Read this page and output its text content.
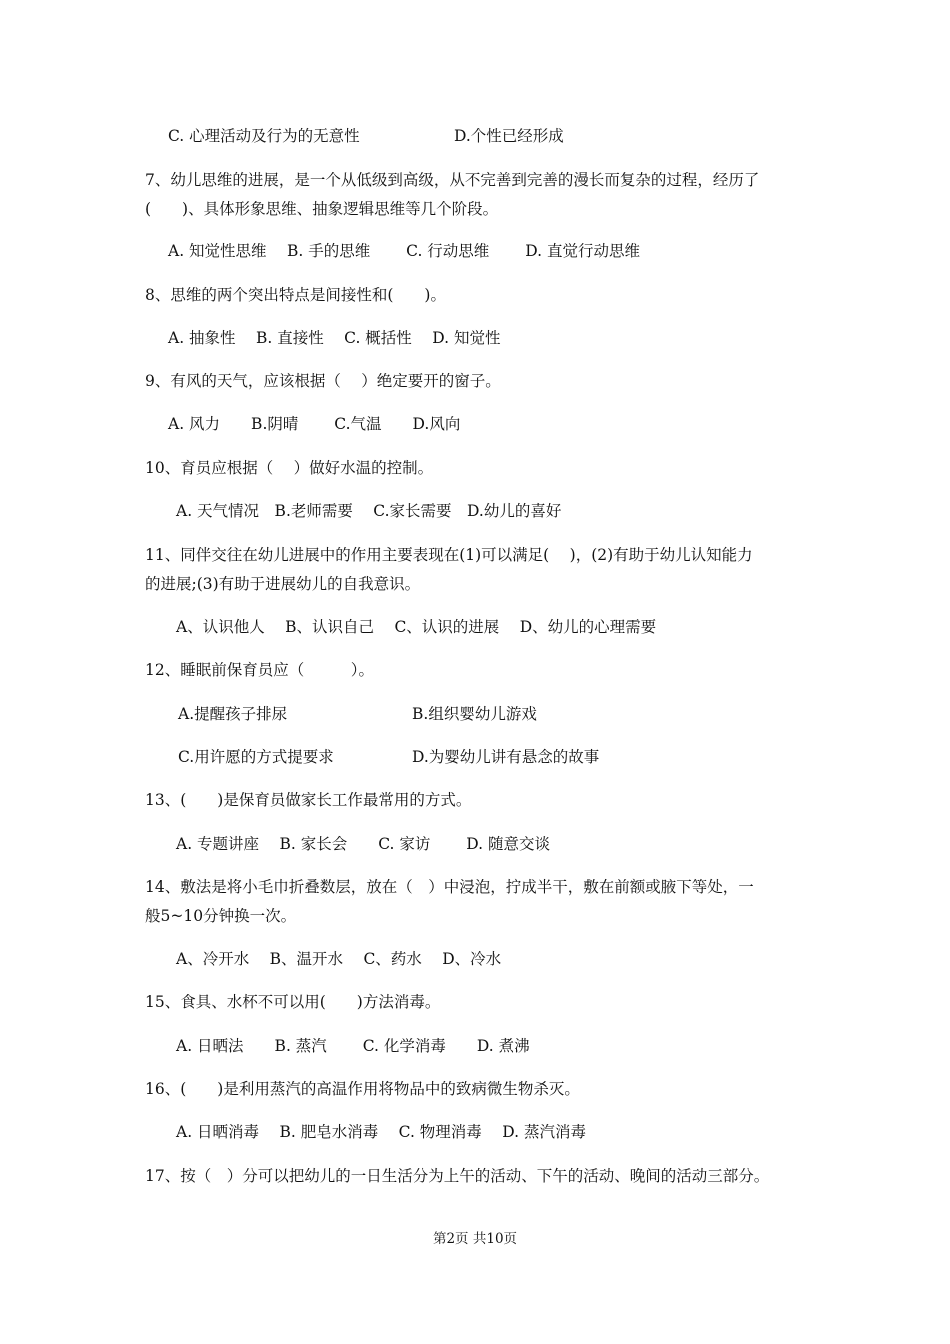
C. 心理活动及行为的无意性	D.个性已经形成
7、幼儿思维的进展，是一个从低级到高级，从不完善到完善的漫长而复杂的过程，经历了
(　　)、具体形象思维、抽象逻辑思维等几个阶段。
A. 知觉性思维　 B. 手的思维　　 C. 行动思维　　 D. 直觉行动思维
8、思维的两个突出特点是间接性和(　　)。
A. 抽象性　 B. 直接性　 C. 概括性　 D. 知觉性
9、有风的天气，应该根据（　 ）绝定要开的窗子。
A. 风力　　B.阴晴　　 C.气温　　D.风向
10、育员应根据（　 ）做好水温的控制。
A. 天气情况　B.老师需要　 C.家长需要　D.幼儿的喜好
11、同伴交往在幼儿进展中的作用主要表现在(1)可以满足(　 )，(2)有助于幼儿认知能力
的进展;(3)有助于进展幼儿的自我意识。
A、认识他人　 B、认识自己　 C、认识的进展　 D、幼儿的心理需要
12、睡眠前保育员应（　　　）。
A.提醒孩子排尿	B.组织婴幼儿游戏
C.用许愿的方式提要求	D.为婴幼儿讲有悬念的故事
13、(　　)是保育员做家长工作最常用的方式。
A. 专题讲座　 B. 家长会　　C. 家访　　 D. 随意交谈
14、敷法是将小毛巾折叠数层，放在（　）中浸泡，拧成半干，敷在前额或腋下等处，一
般5~10分钟换一次。
A、冷开水　 B、温开水　 C、药水　 D、冷水
15、食具、水杯不可以用(　　)方法消毒。
A. 日晒法　　B. 蒸汽　　 C. 化学消毒　　D. 煮沸
16、(　　)是利用蒸汽的高温作用将物品中的致病微生物杀灭。
A. 日晒消毒　 B. 肥皂水消毒　 C. 物理消毒　 D. 蒸汽消毒
17、按（　）分可以把幼儿的一日生活分为上午的活动、下午的活动、晚间的活动三部分。
第2页 共10页
